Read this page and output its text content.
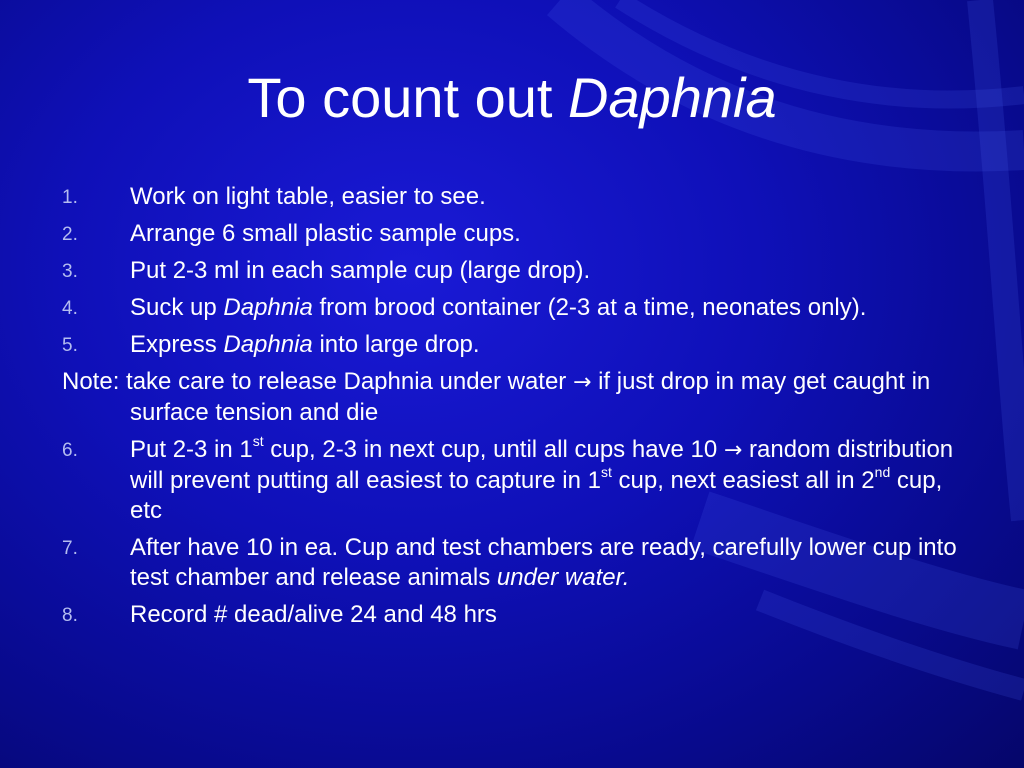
To count out Daphnia
1. Work on light table, easier to see.
2. Arrange 6 small plastic sample cups.
3. Put 2-3 ml in each sample cup (large drop).
4. Suck up Daphnia from brood container (2-3 at a time, neonates only).
5. Express Daphnia into large drop.
Note: take care to release Daphnia under water → if just drop in may get caught in surface tension and die
6. Put 2-3 in 1st cup, 2-3 in next cup, until all cups have 10 → random distribution will prevent putting all easiest to capture in 1st cup, next easiest all in 2nd cup, etc
7. After have 10 in ea. Cup and test chambers are ready, carefully lower cup into test chamber and release animals under water.
8. Record # dead/alive 24 and 48 hrs
